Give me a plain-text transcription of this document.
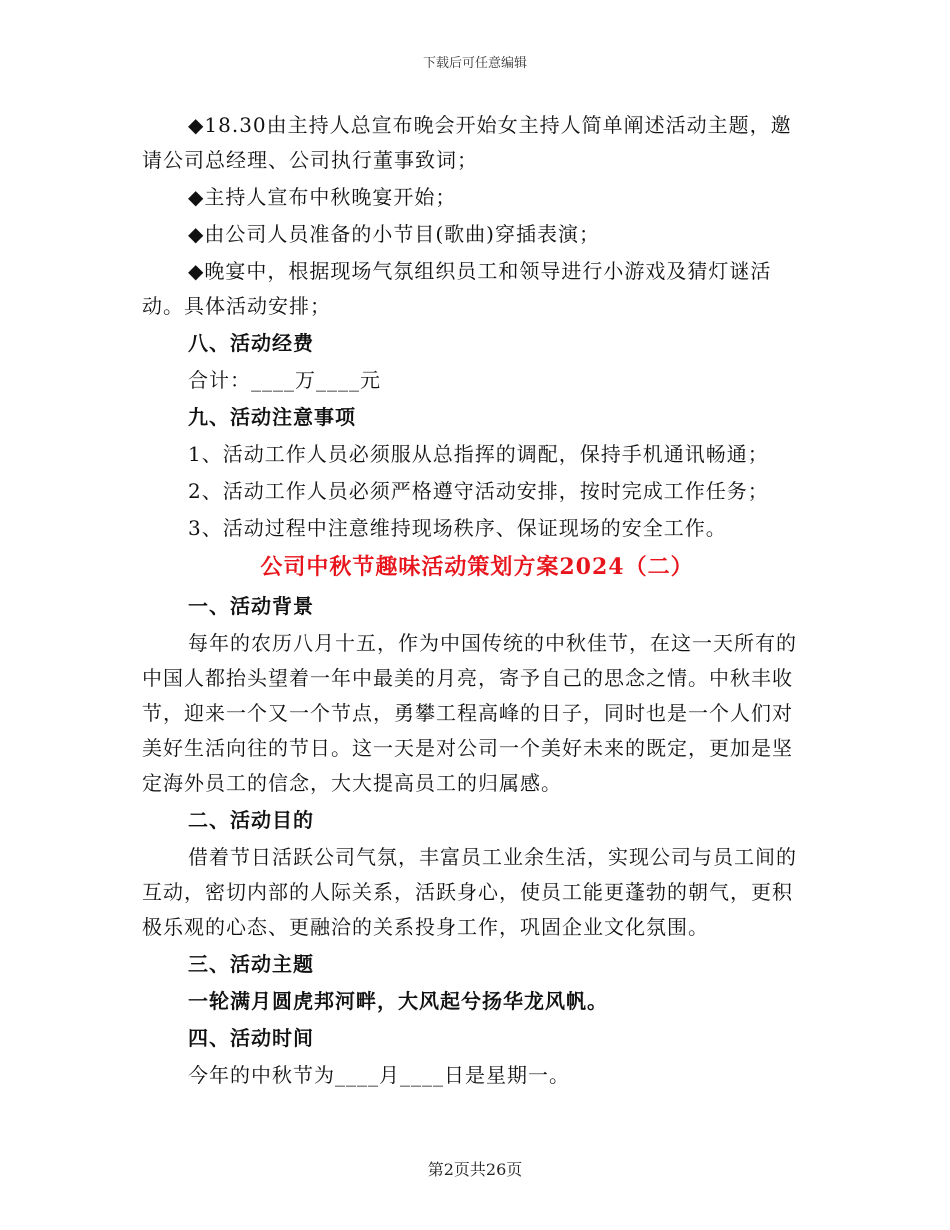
下载后可任意编辑

◆18.30由主持人总宣布晚会开始女主持人简单阐述活动主题，邀请公司总经理、公司执行董事致词；

◆主持人宣布中秋晚宴开始；

◆由公司人员准备的小节目(歌曲)穿插表演；

◆晚宴中，根据现场气氛组织员工和领导进行小游戏及猜灯谜活动。具体活动安排；

八、活动经费

合计：____万____元

九、活动注意事项

1、活动工作人员必须服从总指挥的调配，保持手机通讯畅通；

2、活动工作人员必须严格遵守活动安排，按时完成工作任务；

3、活动过程中注意维持现场秩序、保证现场的安全工作。

公司中秋节趣味活动策划方案2024（二）

一、活动背景

每年的农历八月十五，作为中国传统的中秋佳节，在这一天所有的中国人都抬头望着一年中最美的月亮，寄予自己的思念之情。中秋丰收节，迎来一个又一个节点，勇攀工程高峰的日子，同时也是一个人们对美好生活向往的节日。这一天是对公司一个美好未来的既定，更加是坚定海外员工的信念，大大提高员工的归属感。

二、活动目的

借着节日活跃公司气氛，丰富员工业余生活，实现公司与员工间的互动，密切内部的人际关系，活跃身心，使员工能更蓬勃的朝气，更积极乐观的心态、更融洽的关系投身工作，巩固企业文化氛围。

三、活动主题

一轮满月圆虎邦河畔，大风起兮扬华龙风帆。

四、活动时间

今年的中秋节为____月____日是星期一。

第2页共26页
